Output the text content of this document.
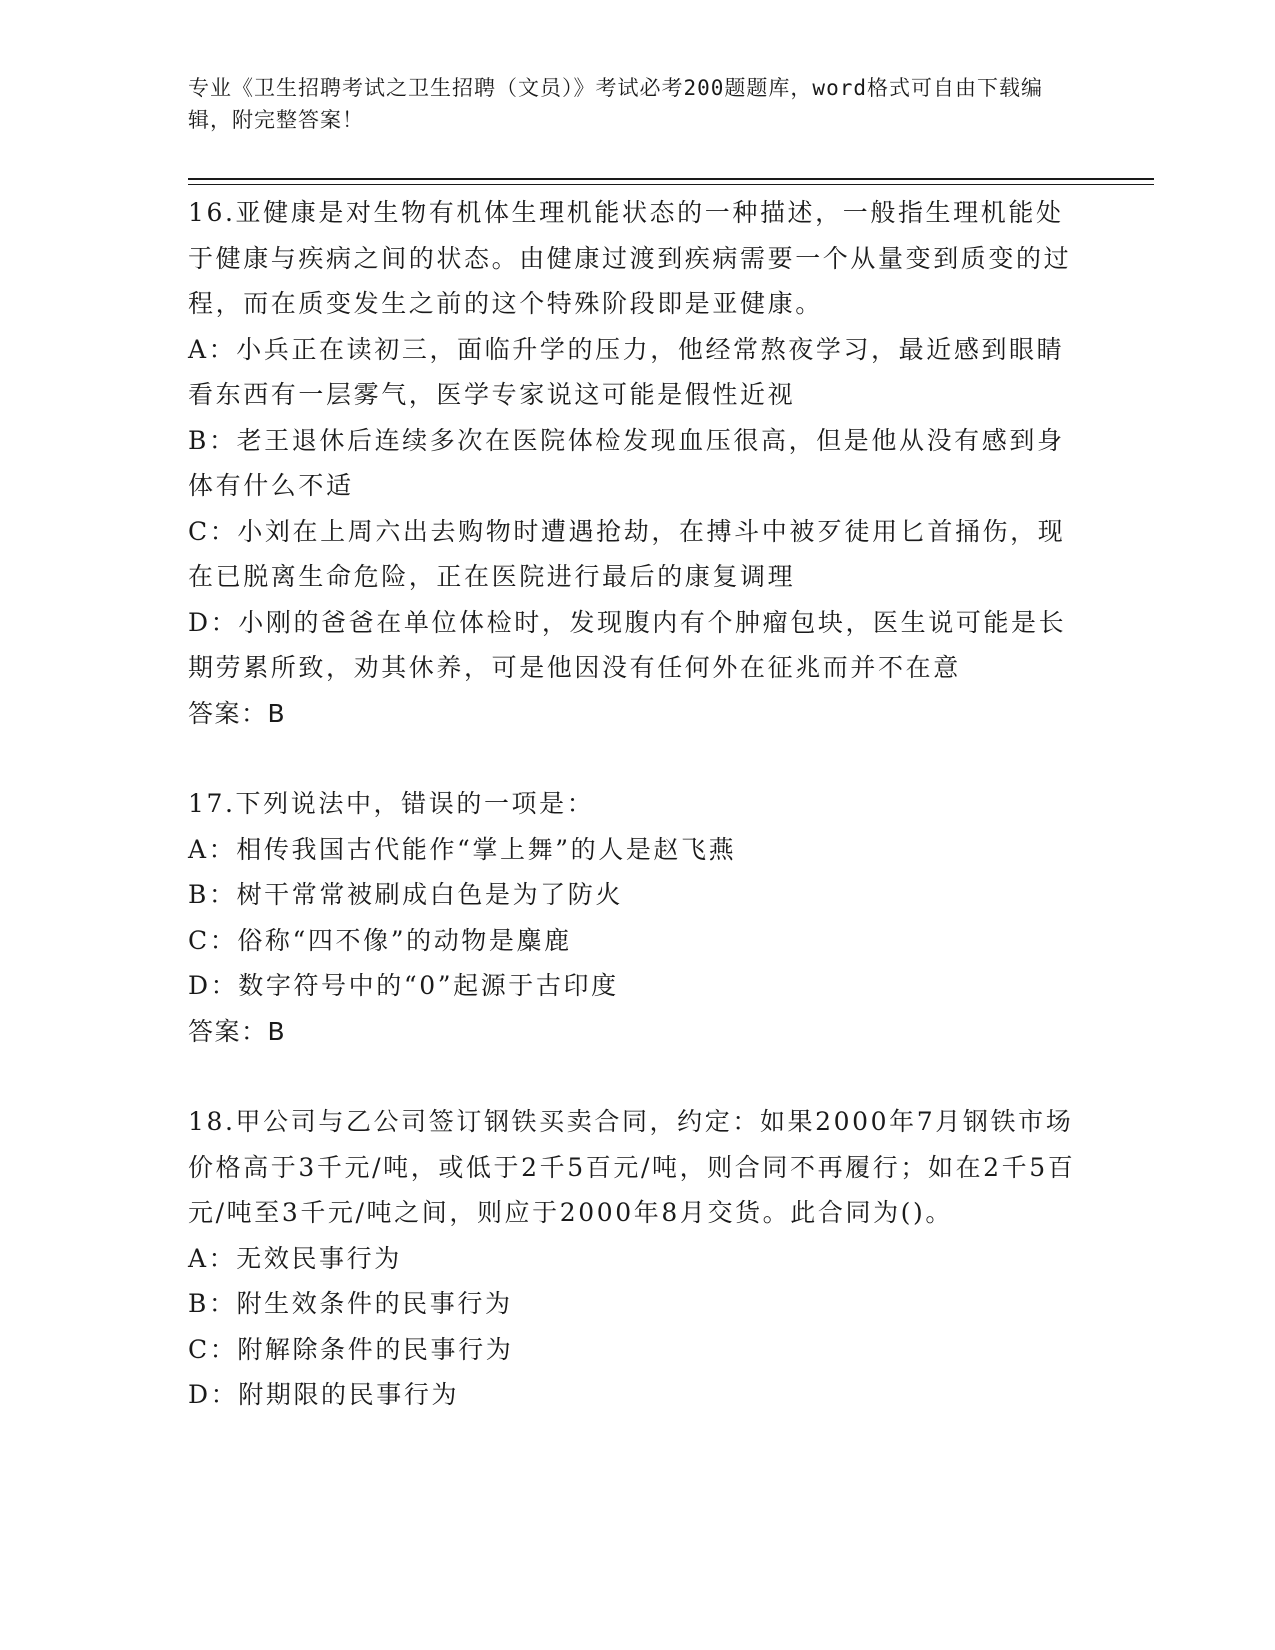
专业《卫生招聘考试之卫生招聘（文员）》考试必考200题题库，word格式可自由下载编辑，附完整答案！

16.亚健康是对生物有机体生理机能状态的一种描述，一般指生理机能处于健康与疾病之间的状态。由健康过渡到疾病需要一个从量变到质变的过程，而在质变发生之前的这个特殊阶段即是亚健康。

A：小兵正在读初三，面临升学的压力，他经常熬夜学习，最近感到眼睛看东西有一层雾气，医学专家说这可能是假性近视

B：老王退休后连续多次在医院体检发现血压很高，但是他从没有感到身体有什么不适

C：小刘在上周六出去购物时遭遇抢劫，在搏斗中被歹徒用匕首捅伤，现在已脱离生命危险，正在医院进行最后的康复调理

D：小刚的爸爸在单位体检时，发现腹内有个肿瘤包块，医生说可能是长期劳累所致，劝其休养，可是他因没有任何外在征兆而并不在意

答案：B

17.下列说法中，错误的一项是：

A：相传我国古代能作“掌上舞”的人是赵飞燕

B：树干常常被刷成白色是为了防火

C：俗称“四不像”的动物是麋鹿

D：数字符号中的“0”起源于古印度

答案：B

18.甲公司与乙公司签订钢铁买卖合同，约定：如果2000年7月钢铁市场价格高于3千元/吨，或低于2千5百元/吨，则合同不再履行；如在2千5百元/吨至3千元/吨之间，则应于2000年8月交货。此合同为()。

A：无效民事行为

B：附生效条件的民事行为

C：附解除条件的民事行为

D：附期限的民事行为
